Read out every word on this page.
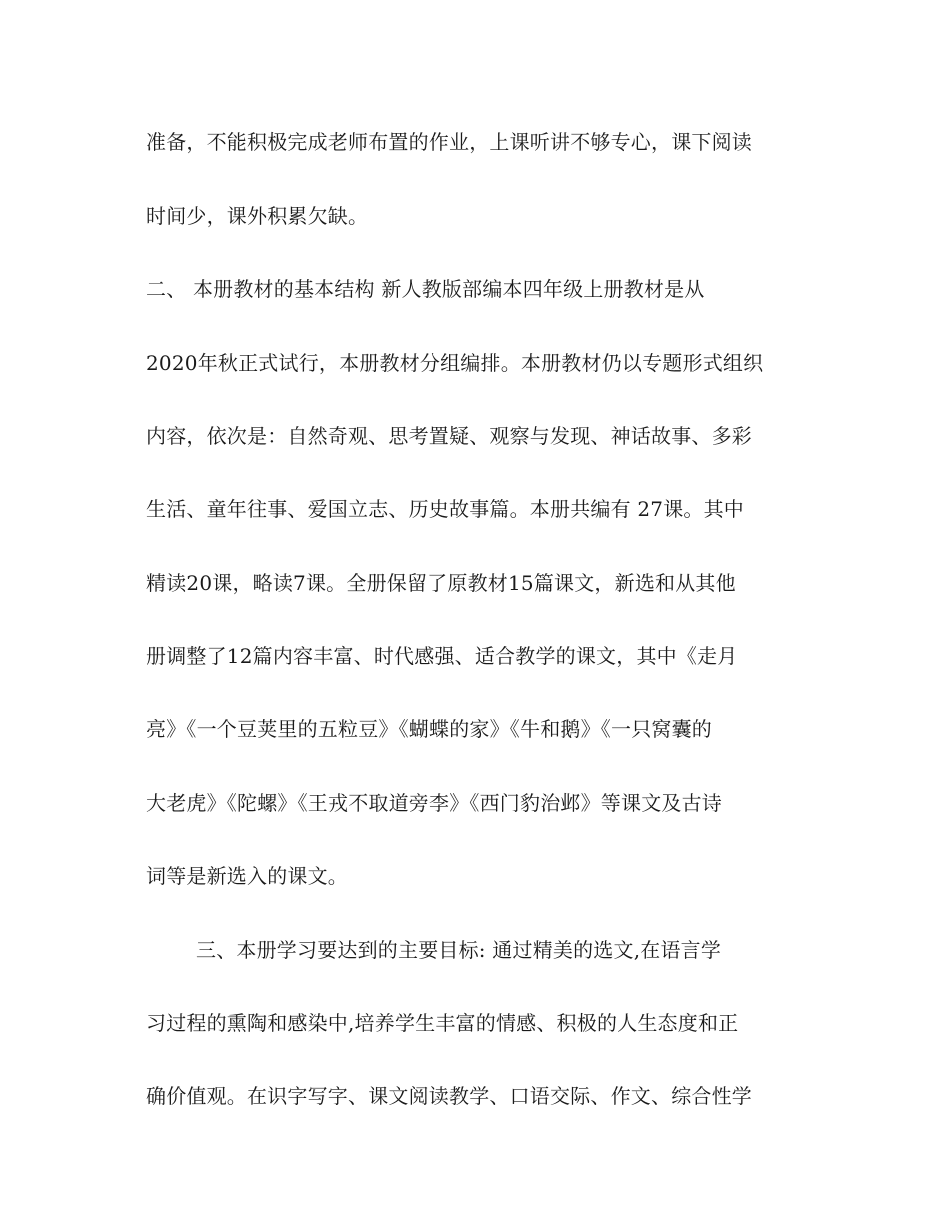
准备，不能积极完成老师布置的作业，上课听讲不够专心，课下阅读

时间少，课外积累欠缺。

二、 本册教材的基本结构 新人教版部编本四年级上册教材是从

2020年秋正式试行，本册教材分组编排。本册教材仍以专题形式组织

内容，依次是：自然奇观、思考置疑、观察与发现、神话故事、多彩

生活、童年往事、爱国立志、历史故事篇。本册共编有 27课。其中

精读20课，略读7课。全册保留了原教材15篇课文，新选和从其他

册调整了12篇内容丰富、时代感强、适合教学的课文，其中《走月

亮》《一个豆荚里的五粒豆》《蝴蝶的家》《牛和鹅》《一只窝囊的

大老虎》《陀螺》《王戎不取道旁李》《西门豹治邺》等课文及古诗

词等是新选入的课文。

三、本册学习要达到的主要目标: 通过精美的选文,在语言学

习过程的熏陶和感染中,培养学生丰富的情感、积极的人生态度和正

确价值观。在识字写字、课文阅读教学、口语交际、作文、综合性学
